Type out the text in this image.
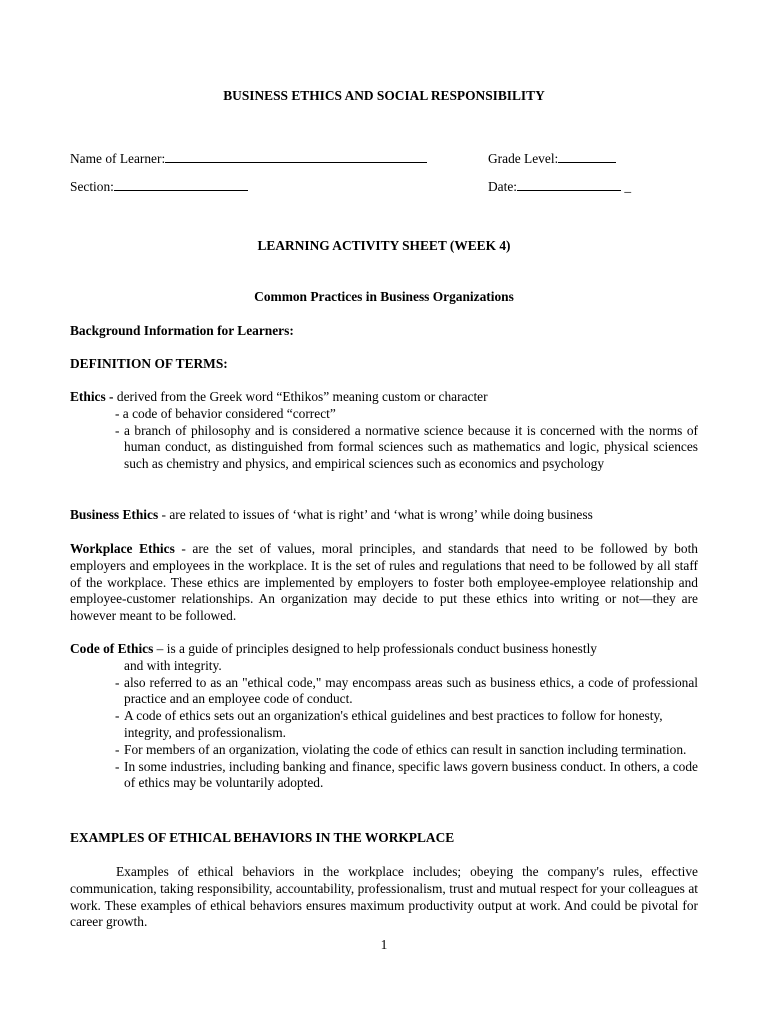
BUSINESS ETHICS AND SOCIAL RESPONSIBILITY
Name of Learner:	Grade Level:
Section:	Date:	_
LEARNING ACTIVITY SHEET (WEEK 4)
Common Practices in Business Organizations
Background Information for Learners:
DEFINITION OF TERMS:

Ethics - derived from the Greek word “Ethikos” meaning custom or character

- a code of behavior considered “correct”

- a branch of philosophy and is considered a normative science because it is concerned with the norms of human conduct, as distinguished from formal sciences such as mathematics and logic, physical sciences such as chemistry and physics, and empirical sciences such as economics and psychology

Business Ethics - are related to issues of ‘what is right’ and ‘what is wrong’ while doing business
Workplace Ethics - are the set of values, moral principles, and standards that need to be followed by both employers and employees in the workplace. It is the set of rules and regulations that need to be followed by all staff of the workplace. These ethics are implemented by employers to foster both employee-employee relationship and employee-customer relationships. An organization may decide to put these ethics into writing or not—they are however meant to be followed.

Code of Ethics – is a guide of principles designed to help professionals conduct business honestly

and with integrity.

- also referred to as an "ethical code," may encompass areas such as business ethics, a code of professional practice and an employee code of conduct.

- A code of ethics sets out an organization's ethical guidelines and best practices to follow for honesty, integrity, and professionalism.

- For members of an organization, violating the code of ethics can result in sanction including termination.

- In some industries, including banking and finance, specific laws govern business conduct. In others, a code of ethics may be voluntarily adopted.

EXAMPLES OF ETHICAL BEHAVIORS IN THE WORKPLACE
Examples of ethical behaviors in the workplace includes; obeying the company's rules, effective communication, taking responsibility, accountability, professionalism, trust and mutual respect for your colleagues at work. These examples of ethical behaviors ensures maximum productivity output at work. And could be pivotal for career growth.
1
